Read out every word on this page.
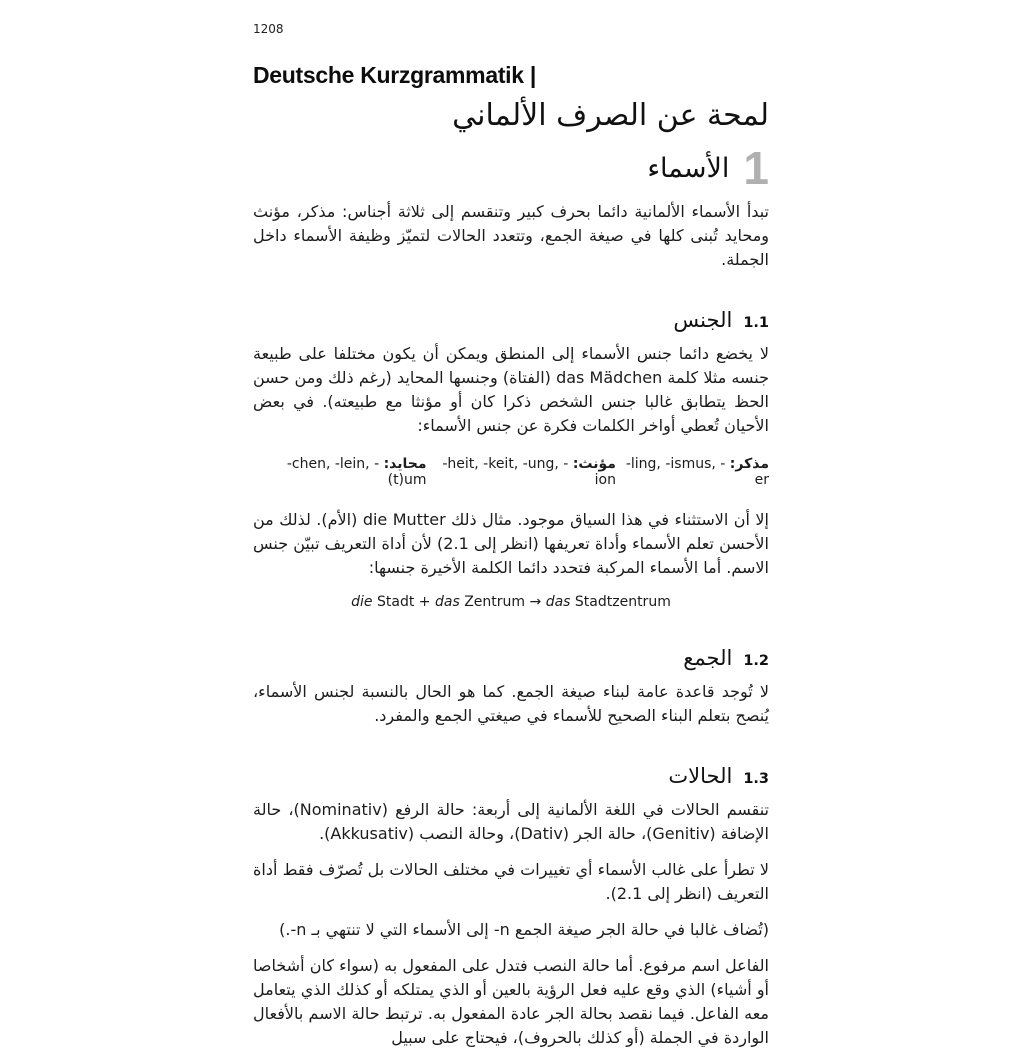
1208
Deutsche Kurzgrammatik |
لمحة عن الصرف الألماني
1
الأسماء

تبدأ الأسماء الألمانية دائما بحرف كبير وتنقسم إلى ثلاثة أجناس: مذكر، مؤنث ومحايد تُبنى كلها في صيغة الجمع، وتتعدد الحالات لتميّز وظيفة الأسماء داخل الجملة.

1.1
الجنس

لا يخضع دائما جنس الأسماء إلى المنطق ويمكن أن يكون مختلفا على طبيعة جنسه مثلا كلمة das Mädchen (الفتاة) وجنسها المحايد (رغم ذلك ومن حسن الحظ يتطابق غالبا جنس الشخص ذكرا كان أو مؤنثا مع طبيعته). في بعض الأحيان تُعطي أواخر الكلمات فكرة عن جنس الأسماء:

مذكر: -ling, -ismus, -er
مؤنث: -heit, -keit, -ung, -ion
محايد: -chen, -lein, -(t)um

إلا أن الاستثناء في هذا السياق موجود. مثال ذلك die Mutter (الأم). لذلك من الأحسن تعلم الأسماء وأداة تعريفها (انظر إلى 2.1) لأن أداة التعريف تبيّن جنس الاسم. أما الأسماء المركبة فتحدد دائما الكلمة الأخيرة جنسها:

die Stadt + das Zentrum → das Stadtzentrum
1.2
الجمع

لا تُوجد قاعدة عامة لبناء صيغة الجمع. كما هو الحال بالنسبة لجنس الأسماء، يُنصح بتعلم البناء الصحيح للأسماء في صيغتي الجمع والمفرد.

1.3
الحالات

تنقسم الحالات في اللغة الألمانية إلى أربعة: حالة الرفع (Nominativ)، حالة الإضافة (Genitiv)، حالة الجر (Dativ)، وحالة النصب (Akkusativ).

لا تطرأ على غالب الأسماء أي تغييرات في مختلف الحالات بل تُصرّف فقط أداة التعريف (انظر إلى 2.1).

(تُضاف غالبا في حالة الجر صيغة الجمع ‎-n‎ إلى الأسماء التي لا تنتهي بـ ‎-n‎.)

الفاعل اسم مرفوع. أما حالة النصب فتدل على المفعول به (سواء كان أشخاصا أو أشياء) الذي وقع عليه فعل الرؤية بالعين أو الذي يمتلكه أو كذلك الذي يتعامل معه الفاعل. فيما نقصد بحالة الجر عادة المفعول به. ترتبط حالة الاسم بالأفعال الواردة في الجملة (أو كذلك بالحروف)، فيحتاج على سبيل
